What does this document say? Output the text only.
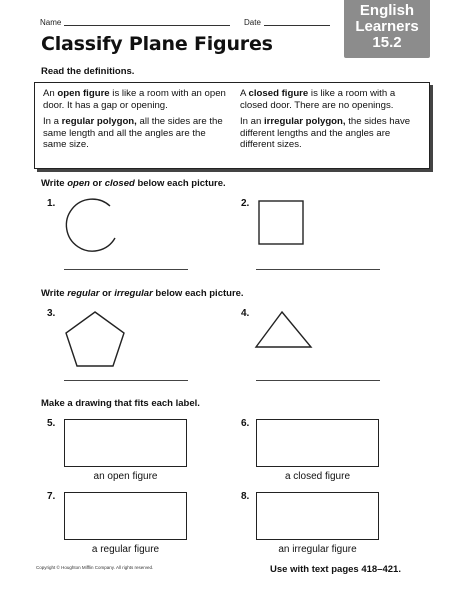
Name	Date
English
Learners
15.2
Classify Plane Figures
Read the definitions.

An open figure is like a room with an open door. It has a gap or opening.

In a regular polygon, all the sides are the same length and all the angles are the same size.

A closed figure is like a room with a closed door. There are no openings.

In an irregular polygon, the sides have different lengths and the angles are different sizes.

Write open or closed below each picture.
1.	2.
Write regular or irregular below each picture.
3.	4.
Make a drawing that fits each label.
5.
an open figure
6.
a closed figure
7.
a regular figure
8.
an irregular figure
Copyright © Houghton Mifflin Company. All rights reserved.	Use with text pages 418–421.
